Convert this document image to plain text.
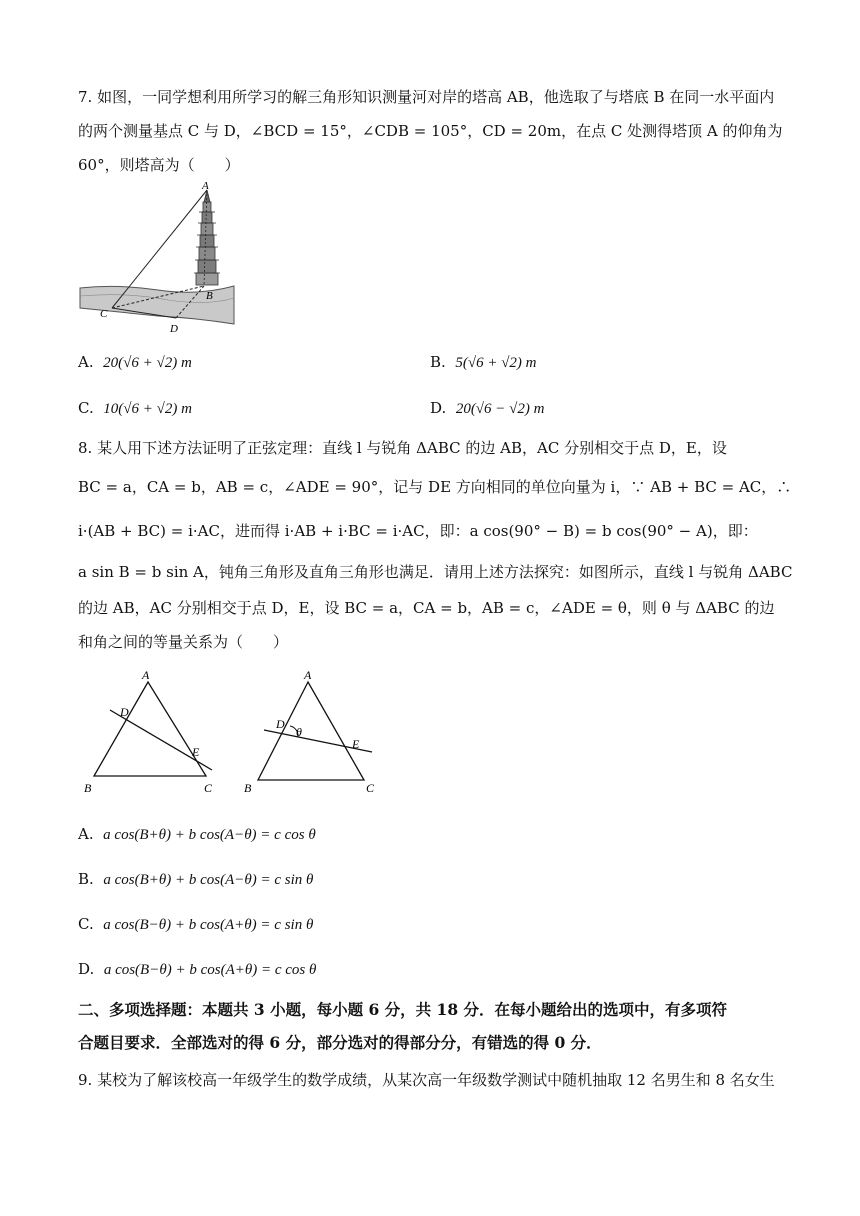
7. 如图，一同学想利用所学习的解三角形知识测量河对岸的塔高 AB，他选取了与塔底 B 在同一水平面内
的两个测量基点 C 与 D，∠BCD = 15°，∠CDB = 105°，CD = 20m，在点 C 处测得塔顶 A 的仰角为
60°，则塔高为（　　）
A
B
C
D
A. 20(√6 + √2) m	B. 5(√6 + √2) m
C. 10(√6 + √2) m	D. 20(√6 − √2) m
8. 某人用下述方法证明了正弦定理：直线 l 与锐角 ΔABC 的边 AB，AC 分别相交于点 D，E，设
BC = a，CA = b，AB = c，∠ADE = 90°，记与 DE 方向相同的单位向量为 i，∵ AB + BC = AC，∴
i·(AB + BC) = i·AC，进而得 i·AB + i·BC = i·AC，即：a cos(90° − B) = b cos(90° − A)，即：
a sin B = b sin A，钝角三角形及直角三角形也满足．请用上述方法探究：如图所示，直线 l 与锐角 ΔABC
的边 AB，AC 分别相交于点 D，E，设 BC = a，CA = b，AB = c，∠ADE = θ，则 θ 与 ΔABC 的边
和角之间的等量关系为（　　）
A
B	C
D
E
A
B	C
D
E
θ
A. a cos(B+θ) + b cos(A−θ) = c cos θ
B. a cos(B+θ) + b cos(A−θ) = c sin θ
C. a cos(B−θ) + b cos(A+θ) = c sin θ
D. a cos(B−θ) + b cos(A+θ) = c cos θ
二、多项选择题：本题共 3 小题，每小题 6 分，共 18 分．在每小题给出的选项中，有多项符
合题目要求．全部选对的得 6 分，部分选对的得部分分，有错选的得 0 分．
9. 某校为了解该校高一年级学生的数学成绩，从某次高一年级数学测试中随机抽取 12 名男生和 8 名女生
